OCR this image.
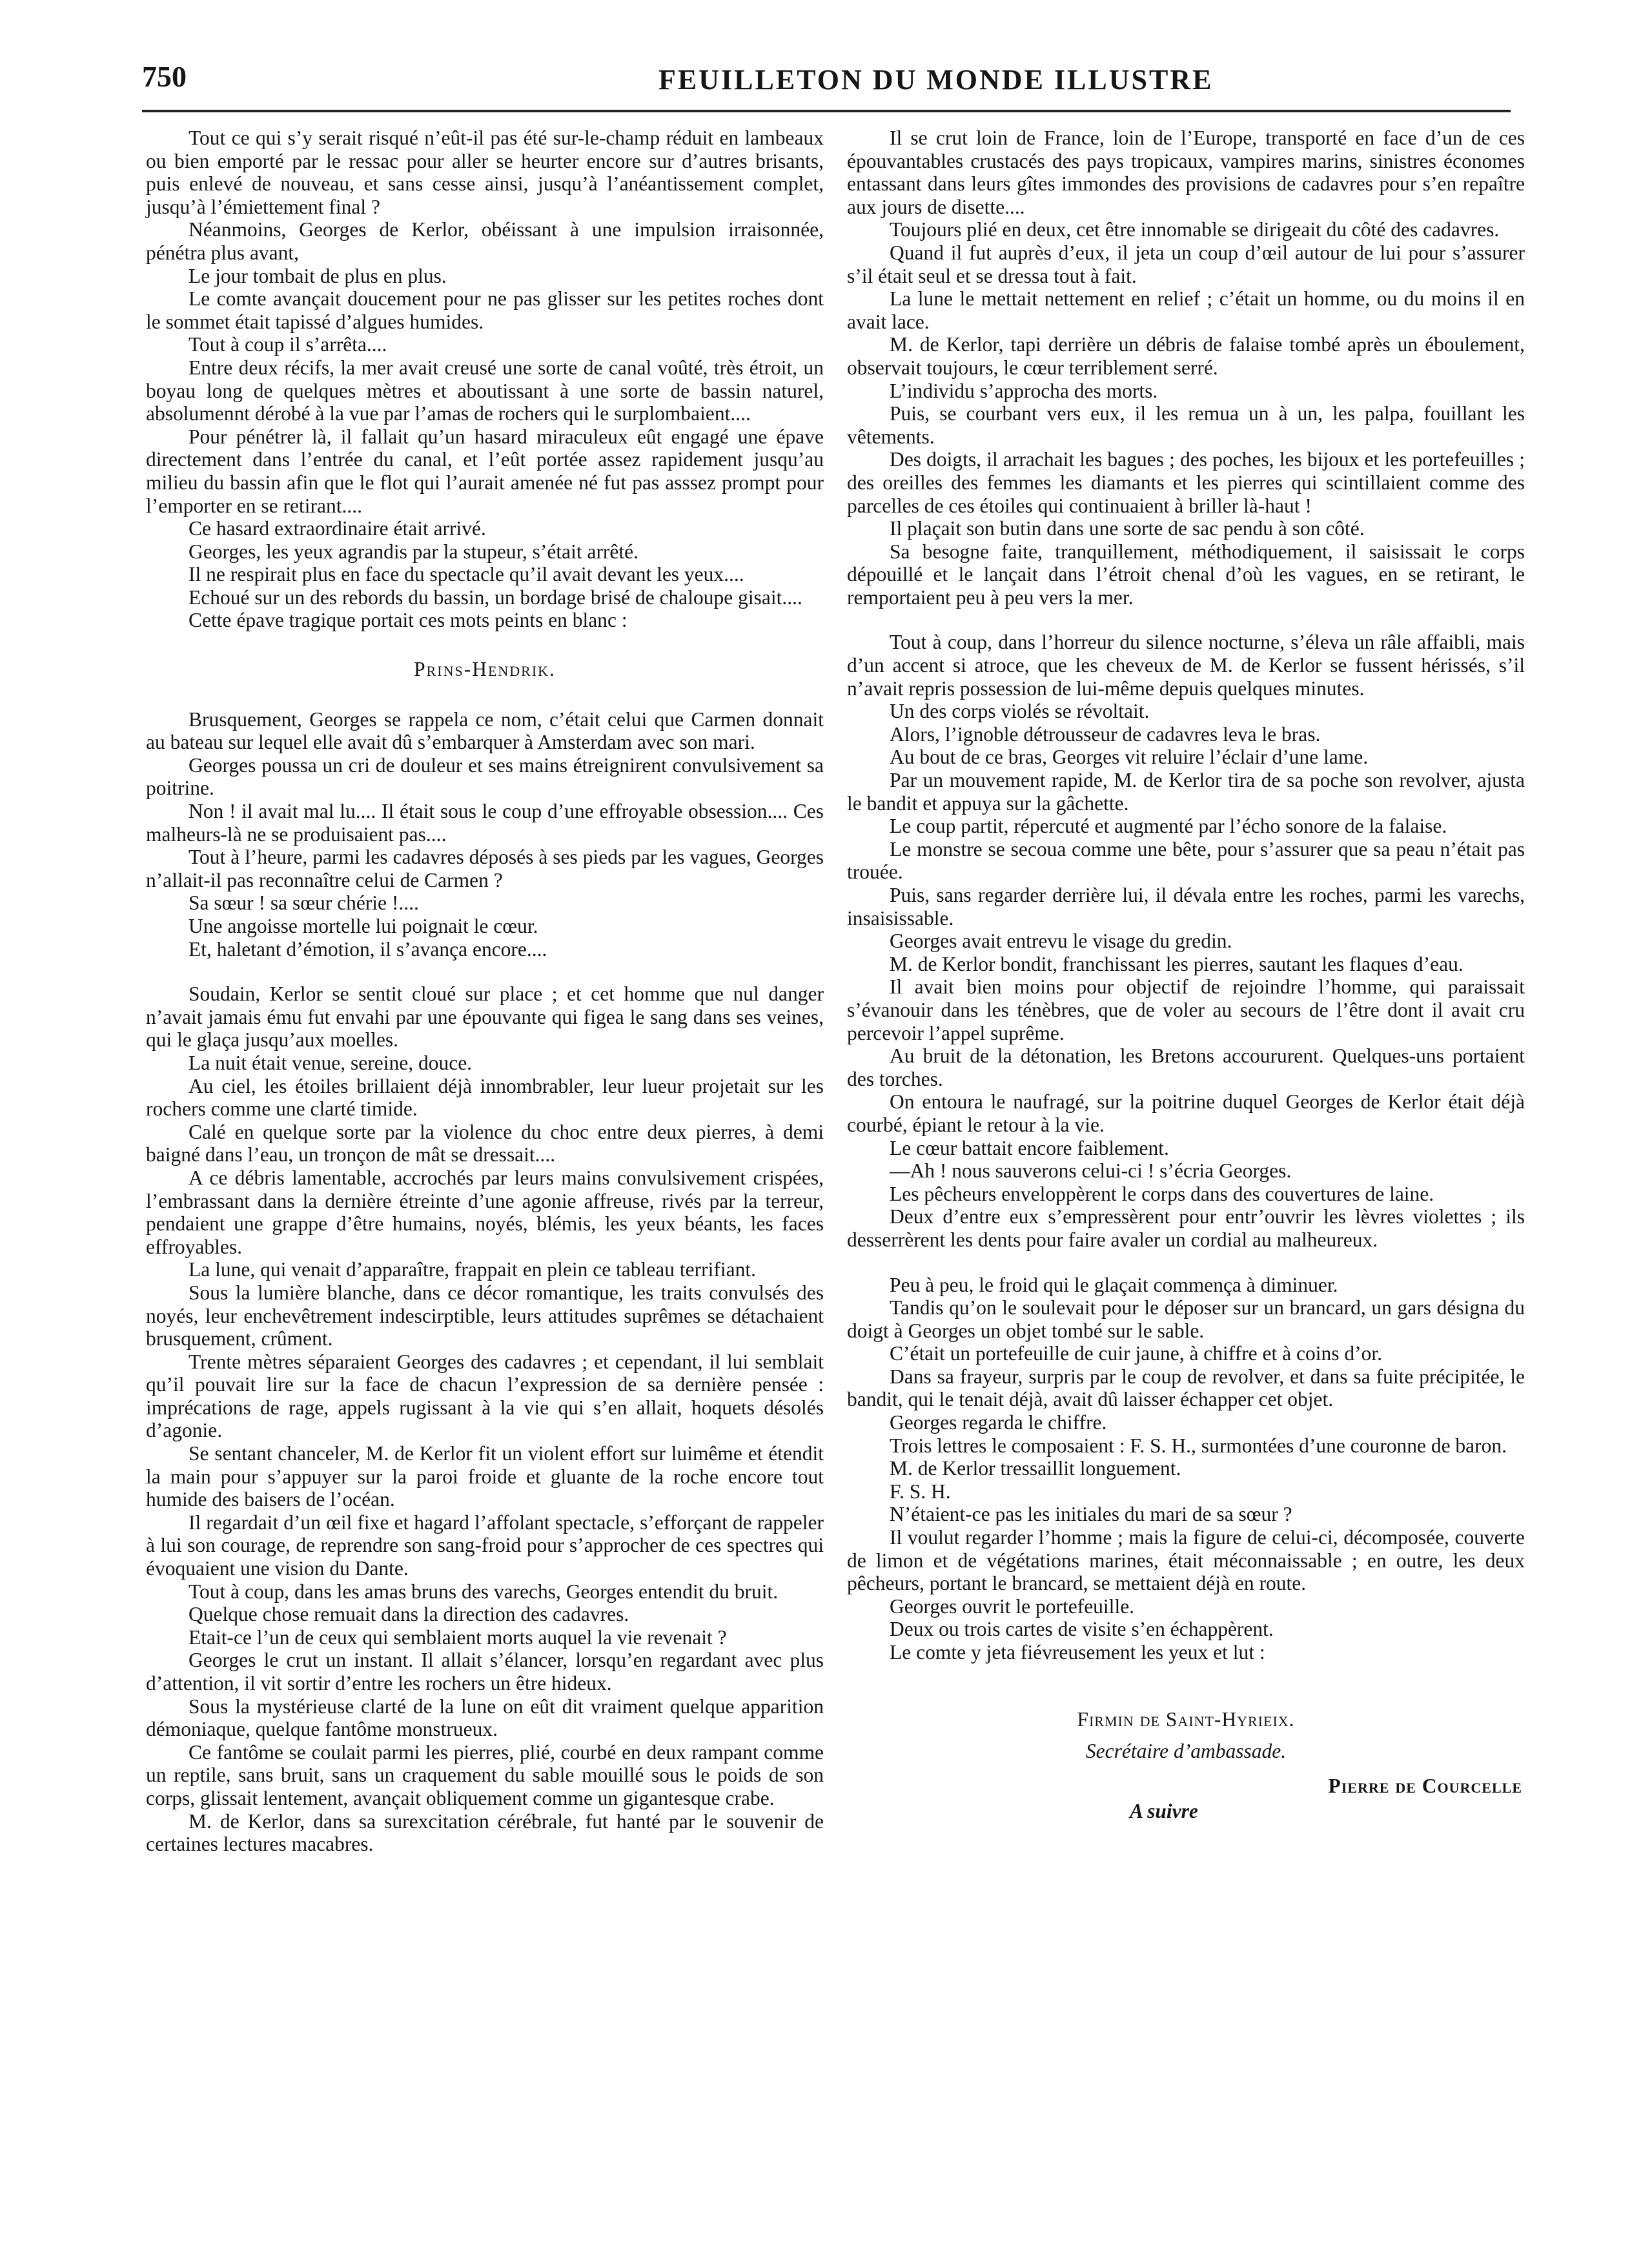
750	FEUILLETON DU MONDE ILLUSTRE

Tout ce qui s’y serait risqué n’eût-il pas été sur-le-champ réduit en lambeaux ou bien emporté par le ressac pour aller se heurter encore sur d’autres brisants, puis enlevé de nouveau, et sans cesse ainsi, jusqu’à l’anéantissement complet, jusqu’à l’émiettement final ?

Néanmoins, Georges de Kerlor, obéissant à une impulsion irraisonnée, pénétra plus avant,

Le jour tombait de plus en plus.

Le comte avançait doucement pour ne pas glisser sur les petites roches dont le sommet était tapissé d’algues humides.

Tout à coup il s’arrêta....

Entre deux récifs, la mer avait creusé une sorte de canal voûté, très étroit, un boyau long de quelques mètres et aboutissant à une sorte de bassin naturel, absolumennt dérobé à la vue par l’amas de rochers qui le surplombaient....

Pour pénétrer là, il fallait qu’un hasard miraculeux eût engagé une épave directement dans l’entrée du canal, et l’eût portée assez rapidement jusqu’au milieu du bassin afin que le flot qui l’aurait amenée né fut pas asssez prompt pour l’emporter en se retirant....

Ce hasard extraordinaire était arrivé.

Georges, les yeux agrandis par la stupeur, s’était arrêté.

Il ne respirait plus en face du spectacle qu’il avait devant les yeux....

Echoué sur un des rebords du bassin, un bordage brisé de chaloupe gisait....

Cette épave tragique portait ces mots peints en blanc :

Prins-Hendrik.

Brusquement, Georges se rappela ce nom, c’était celui que Carmen donnait au bateau sur lequel elle avait dû s’embarquer à Amsterdam avec son mari.

Georges poussa un cri de douleur et ses mains étreignirent convulsivement sa poitrine.

Non ! il avait mal lu.... Il était sous le coup d’une effroyable obsession.... Ces malheurs-là ne se produisaient pas....

Tout à l’heure, parmi les cadavres déposés à ses pieds par les vagues, Georges n’allait-il pas reconnaître celui de Carmen ?

Sa sœur ! sa sœur chérie !....

Une angoisse mortelle lui poignait le cœur.

Et, haletant d’émotion, il s’avança encore....

Soudain, Kerlor se sentit cloué sur place ; et cet homme que nul danger n’avait jamais ému fut envahi par une épouvante qui figea le sang dans ses veines, qui le glaça jusqu’aux moelles.

La nuit était venue, sereine, douce.

Au ciel, les étoiles brillaient déjà innombrabler, leur lueur projetait sur les rochers comme une clarté timide.

Calé en quelque sorte par la violence du choc entre deux pierres, à demi baigné dans l’eau, un tronçon de mât se dressait....

A ce débris lamentable, accrochés par leurs mains convulsivement crispées, l’embrassant dans la dernière étreinte d’une agonie affreuse, rivés par la terreur, pendaient une grappe d’être humains, noyés, blémis, les yeux béants, les faces effroyables.

La lune, qui venait d’apparaître, frappait en plein ce tableau terrifiant.

Sous la lumière blanche, dans ce décor romantique, les traits convulsés des noyés, leur enchevêtrement indescirptible, leurs attitudes suprêmes se détachaient brusquement, crûment.

Trente mètres séparaient Georges des cadavres ; et cependant, il lui semblait qu’il pouvait lire sur la face de chacun l’expression de sa dernière pensée : imprécations de rage, appels rugissant à la vie qui s’en allait, hoquets désolés d’agonie.

Se sentant chanceler, M. de Kerlor fit un violent effort sur luimême et étendit la main pour s’appuyer sur la paroi froide et gluante de la roche encore tout humide des baisers de l’océan.

Il regardait d’un œil fixe et hagard l’affolant spectacle, s’efforçant de rappeler à lui son courage, de reprendre son sang-froid pour s’approcher de ces spectres qui évoquaient une vision du Dante.

Tout à coup, dans les amas bruns des varechs, Georges entendit du bruit.

Quelque chose remuait dans la direction des cadavres.

Etait-ce l’un de ceux qui semblaient morts auquel la vie revenait ?

Georges le crut un instant. Il allait s’élancer, lorsqu’en regardant avec plus d’attention, il vit sortir d’entre les rochers un être hideux.

Sous la mystérieuse clarté de la lune on eût dit vraiment quelque apparition démoniaque, quelque fantôme monstrueux.

Ce fantôme se coulait parmi les pierres, plié, courbé en deux rampant comme un reptile, sans bruit, sans un craquement du sable mouillé sous le poids de son corps, glissait lentement, avançait obliquement comme un gigantesque crabe.

M. de Kerlor, dans sa surexcitation cérébrale, fut hanté par le souvenir de certaines lectures macabres.

Il se crut loin de France, loin de l’Europe, transporté en face d’un de ces épouvantables crustacés des pays tropicaux, vampires marins, sinistres économes entassant dans leurs gîtes immondes des provisions de cadavres pour s’en repaître aux jours de disette....

Toujours plié en deux, cet être innomable se dirigeait du côté des cadavres.

Quand il fut auprès d’eux, il jeta un coup d’œil autour de lui pour s’assurer s’il était seul et se dressa tout à fait.

La lune le mettait nettement en relief ; c’était un homme, ou du moins il en avait lace.

M. de Kerlor, tapi derrière un débris de falaise tombé après un éboulement, observait toujours, le cœur terriblement serré.

L’individu s’approcha des morts.

Puis, se courbant vers eux, il les remua un à un, les palpa, fouillant les vêtements.

Des doigts, il arrachait les bagues ; des poches, les bijoux et les portefeuilles ; des oreilles des femmes les diamants et les pierres qui scintillaient comme des parcelles de ces étoiles qui continuaient à briller là-haut !

Il plaçait son butin dans une sorte de sac pendu à son côté.

Sa besogne faite, tranquillement, méthodiquement, il saisissait le corps dépouillé et le lançait dans l’étroit chenal d’où les vagues, en se retirant, le remportaient peu à peu vers la mer.

Tout à coup, dans l’horreur du silence nocturne, s’éleva un râle affaibli, mais d’un accent si atroce, que les cheveux de M. de Kerlor se fussent hérissés, s’il n’avait repris possession de lui-même depuis quelques minutes.

Un des corps violés se révoltait.

Alors, l’ignoble détrousseur de cadavres leva le bras.

Au bout de ce bras, Georges vit reluire l’éclair d’une lame.

Par un mouvement rapide, M. de Kerlor tira de sa poche son revolver, ajusta le bandit et appuya sur la gâchette.

Le coup partit, répercuté et augmenté par l’écho sonore de la falaise.

Le monstre se secoua comme une bête, pour s’assurer que sa peau n’était pas trouée.

Puis, sans regarder derrière lui, il dévala entre les roches, parmi les varechs, insaisissable.

Georges avait entrevu le visage du gredin.

M. de Kerlor bondit, franchissant les pierres, sautant les flaques d’eau.

Il avait bien moins pour objectif de rejoindre l’homme, qui paraissait s’évanouir dans les ténèbres, que de voler au secours de l’être dont il avait cru percevoir l’appel suprême.

Au bruit de la détonation, les Bretons accoururent. Quelques-uns portaient des torches.

On entoura le naufragé, sur la poitrine duquel Georges de Kerlor était déjà courbé, épiant le retour à la vie.

Le cœur battait encore faiblement.

—Ah ! nous sauverons celui-ci ! s’écria Georges.

Les pêcheurs enveloppèrent le corps dans des couvertures de laine.

Deux d’entre eux s’empressèrent pour entr’ouvrir les lèvres violettes ; ils desserrèrent les dents pour faire avaler un cordial au malheureux.

Peu à peu, le froid qui le glaçait commença à diminuer.

Tandis qu’on le soulevait pour le déposer sur un brancard, un gars désigna du doigt à Georges un objet tombé sur le sable.

C’était un portefeuille de cuir jaune, à chiffre et à coins d’or.

Dans sa frayeur, surpris par le coup de revolver, et dans sa fuite précipitée, le bandit, qui le tenait déjà, avait dû laisser échapper cet objet.

Georges regarda le chiffre.

Trois lettres le composaient : F. S. H., surmontées d’une couronne de baron.

M. de Kerlor tressaillit longuement.

F. S. H.

N’étaient-ce pas les initiales du mari de sa sœur ?

Il voulut regarder l’homme ; mais la figure de celui-ci, décomposée, couverte de limon et de végétations marines, était méconnaissable ; en outre, les deux pêcheurs, portant le brancard, se mettaient déjà en route.

Georges ouvrit le portefeuille.

Deux ou trois cartes de visite s’en échappèrent.

Le comte y jeta fiévreusement les yeux et lut :

Firmin de Saint-Hyrieix.

Secrétaire d’ambassade.

Pierre de Courcelle

A suivre
